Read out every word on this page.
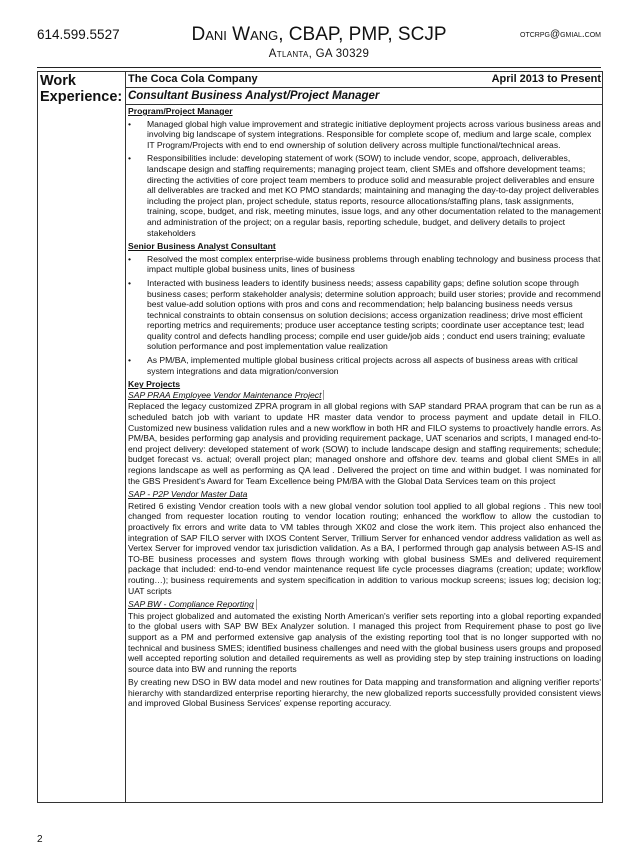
614.599.5527	Dani Wang, CBAP, PMP, SCJP	otcrpg@gmial.com
Atlanta, GA 30329
Work
Experience:
The Coca Cola Company	April 2013 to Present
Consultant Business Analyst/Project Manager
Program/Project Manager
• Managed global high value improvement and strategic initiative deployment projects across various business areas and involving big landscape of system integrations. Responsible for complete scope of, medium and large scale, complex IT Program/Projects with end to end ownership of solution delivery across multiple functional/technical areas.
• Responsibilities include: developing statement of work (SOW) to include vendor, scope, approach, deliverables, landscape design and staffing requirements; managing project team, client SMEs and offshore development teams; directing the activities of core project team members to produce solid and measurable project deliverables and ensure all deliverables are tracked and met KO PMO standards; maintaining and managing the day-to-day project deliverables including the project plan, project schedule, status reports, resource allocations/staffing plans, task assignments, training, scope, budget, and risk, meeting minutes, issue logs, and any other documentation related to the management and administration of the project; on a regular basis, reporting schedule, budget, and delivery details to project stakeholders
Senior Business Analyst Consultant
• Resolved the most complex enterprise-wide business problems through enabling technology and business process that impact multiple global business units, lines of business
• Interacted with business leaders to identify business needs; assess capability gaps; define solution scope through business cases; perform stakeholder analysis; determine solution approach; build user stories; provide and recommend best value-add solution options with pros and cons and recommendation; help balancing business needs versus technical constraints to obtain consensus on solution decisions; access organization readiness; drive most efficient reporting metrics and requirements; produce user acceptance testing scripts; coordinate user acceptance test; lead quality control and defects handling process; compile end user guide/job aids ; conduct end users training; evaluate solution performance and post implementation value realization
• As PM/BA, implemented multiple global business critical projects across all aspects of business areas with critical system integrations and data migration/conversion
Key Projects
SAP PRAA Employee Vendor Maintenance Project
Replaced the legacy customized ZPRA program in all global regions with SAP standard PRAA program that can be run as a scheduled batch job with variant to update HR master data vendor to process payment and update detail in FILO. Customized new business validation rules and a new workflow in both HR and FILO systems to proactively handle errors. As PM/BA, besides performing gap analysis and providing requirement package, UAT scenarios and scripts, I managed end-to-end project delivery: developed statement of work (SOW) to include landscape design and staffing requirements; schedule; budget forecast vs. actual; overall project plan; managed onshore and offshore dev. teams and global client SMEs in all regions landscape as well as performing as QA lead . Delivered the project on time and within budget. I was nominated for the GBS President's Award for Team Excellence being PM/BA with the Global Data Services team on this project
SAP - P2P Vendor Master Data
Retired 6 existing Vendor creation tools with a new global vendor solution tool applied to all global regions . This new tool changed from requester location routing to vendor location routing; enhanced the workflow to allow the custodian to proactively fix errors and write data to VM tables through XK02 and close the work item. This project also enhanced the integration of SAP FILO server with IXOS Content Server, Trillium Server for enhanced vendor address validation as well as Vertex Server for improved vendor tax jurisdiction validation. As a BA, I performed through gap analysis between AS-IS and TO-BE business processes and system flows through working with global business SMEs and delivered requirement package that included: end-to-end vendor maintenance request life cycle processes diagrams (creation; update; workflow routing…); business requirements and system specification in addition to various mockup screens; issues log; decision log; UAT scripts
SAP BW - Compliance Reporting
This project globalized and automated the existing North American's verifier sets reporting into a global reporting expanded to the global users with SAP BW BEx Analyzer solution. I managed this project from Requirement phase to post go live support as a PM and performed extensive gap analysis of the existing reporting tool that is no longer supported with no technical and business SMES; identified business challenges and need with the global business users groups and proposed well accepted reporting solution and detailed requirements as well as providing step by step training instructions on loading source data into BW and running the reports
By creating new DSO in BW data model and new routines for Data mapping and transformation and aligning verifier reports' hierarchy with standardized enterprise reporting hierarchy, the new globalized reports successfully provided consistent views and improved Global Business Services' expense reporting accuracy.
2
